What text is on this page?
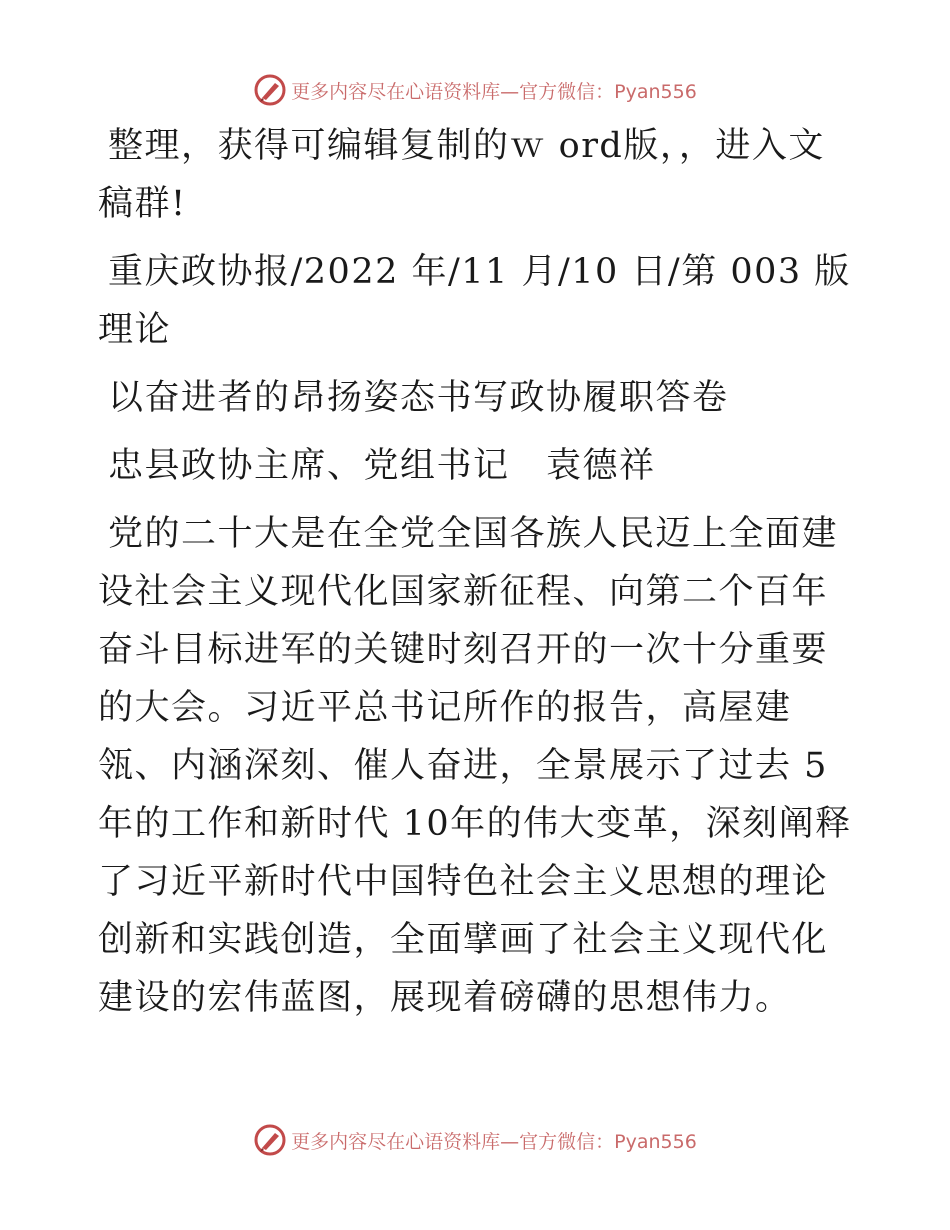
更多内容尽在心语资料库—官方微信：Pyan556

整理，获得可编辑复制的ｗ ord版，，进入文稿群!

重庆政协报/2022 年/11 月/10 日/第 003 版理论

以奋进者的昂扬姿态书写政协履职答卷

忠县政协主席、党组书记　袁德祥

党的二十大是在全党全国各族人民迈上全面建设社会主义现代化国家新征程、向第二个百年奋斗目标进军的关键时刻召开的一次十分重要的大会。习近平总书记所作的报告，高屋建瓴、内涵深刻、催人奋进，全景展示了过去 5 年的工作和新时代 10年的伟大变革，深刻阐释了习近平新时代中国特色社会主义思想的理论创新和实践创造，全面擘画了社会主义现代化建设的宏伟蓝图，展现着磅礴的思想伟力。

更多内容尽在心语资料库—官方微信：Pyan556
